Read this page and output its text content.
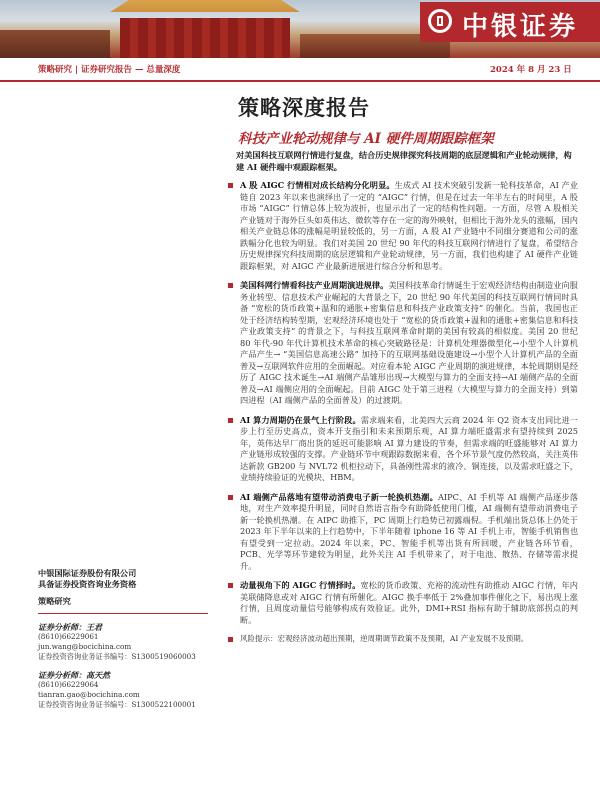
中银证券
策略研究 | 证券研究报告 — 总量深度	2024 年 8 月 23 日
策略深度报告
科技产业轮动规律与 AI 硬件周期跟踪框架
对美国科技互联网行情进行复盘，结合历史规律探究科技周期的底层逻辑和产业轮动规律，构建 AI 硬件端中观跟踪框架。
A 股 AIGC 行情相对成长结构分化明显。生成式 AI 技术突破引发新一轮科技革命，AI 产业链自 2023 年以来也演绎出了一定的 “AIGC” 行情，但是在过去一年半左右的时间里，A 股市场 “AIGC” 行情总体上较为波折，也显示出了一定的结构性问题。一方面，尽管 A 股相关产业链对于海外巨头如英伟达、微软等存在一定的海外映射，但相比于海外龙头的涨幅，国内相关产业链总体的涨幅是明显较低的，另一方面，A 股 AI 产业链中不同细分赛道和公司的涨跌幅分化也较为明显。我们对美国 20 世纪 90 年代的科技互联网行情进行了复盘，希望结合历史规律探究科技周期的底层逻辑和产业轮动规律，另一方面，我们也构建了 AI 硬件产业链跟踪框架，对 AIGC 产业最新进展进行综合分析和思考。
美国科网行情看科技产业周期演进规律。美国科技革命行情诞生于宏观经济结构由制造业向服务业转型、信息技术产业崛起的大背景之下，20 世纪 90 年代美国的科技互联网行情同时具备 “宽松的货币政策+温和的通胀+密集信息和科技产业政策支持” 的催化。当前，我国也正处于经济结构转型期，宏观经济环境也处于 “宽松的货币政策+温和的通胀+密集信息和科技产业政策支持” 的背景之下，与科技互联网革命时期的美国有较高的相似度。美国 20 世纪 80 年代-90 年代计算机技术革命的核心突破路径是：计算机处理器微型化→小型个人计算机产品产生→ “美国信息高速公路” 加持下的互联网基础设施建设→小型个人计算机产品的全面普及→互联网软件应用的全面崛起。对应看本轮 AIGC 产业周期的演进规律，本轮周期则是经历了 AIGC 技术诞生→AI 端侧产品雏形出现→大模型与算力的全面支持→AI 端侧产品的全面普及→AI 端侧应用的全面崛起。目前 AIGC 处于第三进程（大模型与算力的全面支持）到第四进程（AI 端侧产品的全面普及）的过渡期。
AI 算力周期仍在景气上行阶段。需求端来看，北美四大云商 2024 年 Q2 资本支出同比进一步上行至历史高点，资本开支指引和未来预期乐观，AI 算力端旺盛需求有望持续到 2025 年，英伟达早厂商出货的延迟可能影响 AI 算力建设的节奏，但需求端的旺盛能够对 AI 算力产业链形成较强的支撑。产业链环节中观跟踪数据来看，各个环节景气度仍然较高，关注英伟达新款 GB200 与 NVL72 机柜拉动下，具备刚性需求的液冷、铜连接，以及需求旺盛之下，业绩持续验证的光模块、HBM。
AI 端侧产品落地有望带动消费电子新一轮换机热潮。AIPC、AI 手机等 AI 端侧产品逐步落地，对生产效率提升明显，同时自然语言指令有助降低使用门槛，AI 端侧有望带动消费电子新一轮换机热潮。在 AIPC 助推下，PC 周期上行趋势已初露端倪。手机端出货总体上仍处于 2023 年下半年以来的上行趋势中，下半年随着 iphone 16 等 AI 手机上市，智能手机销售也有望受到一定拉动。2024 年以来，PC、智能手机等出货有所回暖，产业链各环节看，PCB、光学等环节建较为明显，此外关注 AI 手机带来了，对于电池、散热、存储等需求提升。
动量视角下的 AIGC 行情择时。宽松的货币政策、充裕的流动性有助推动 AIGC 行情，年内美联储降息或对 AIGC 行情有所催化。AIGC 换手率低于 2%叠加事件催化之下，易出现上涨行情，且周度动量信号能够构成有效验证。此外，DMI+RSI 指标有助于辅助底部拐点的判断。
风险提示：宏观经济波动超出预期，逆周期调节政策不及预期，AI 产业发展不及预期。
中银国际证券股份有限公司
具备证券投资咨询业务资格
策略研究
证券分析师：王君
(8610)66229061
jun.wang@bocichina.com
证券投资咨询业务证书编号：S1300519060003
证券分析师：高天然
(8610)66229064
tianran.gao@bocichina.com
证券投资咨询业务证书编号：S1300522100001
